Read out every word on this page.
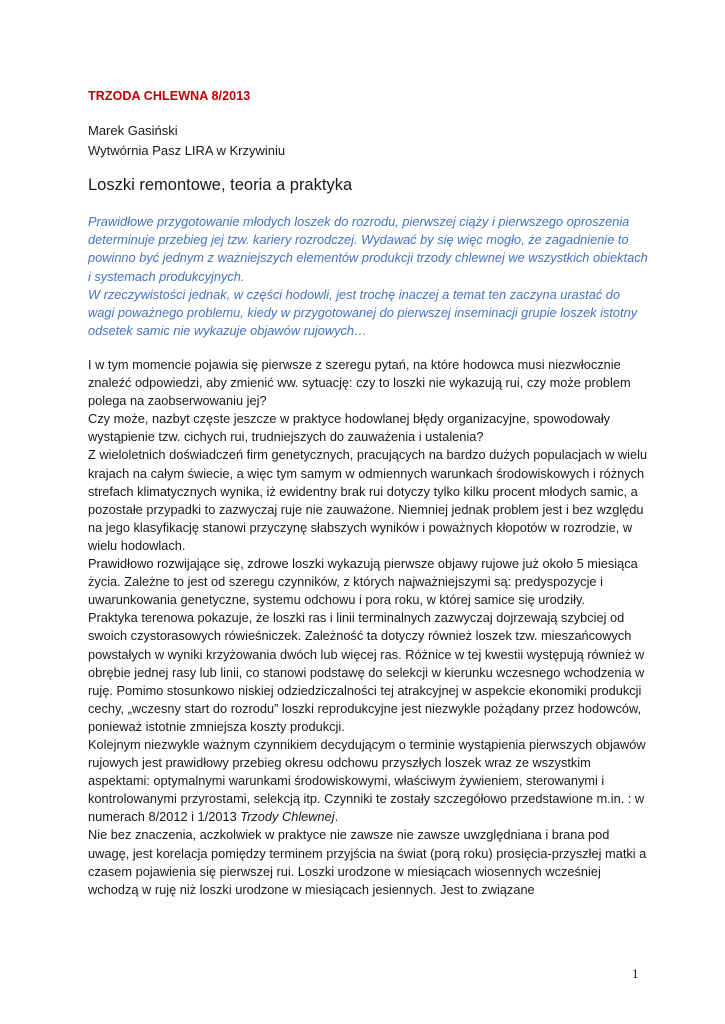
TRZODA CHLEWNA 8/2013
Marek Gasiński
Wytwórnia Pasz LIRA w Krzywiniu
Loszki remontowe, teoria a praktyka

Prawidłowe przygotowanie młodych loszek do rozrodu, pierwszej ciąży i pierwszego oproszenia determinuje przebieg jej tzw. kariery rozrodczej. Wydawać by się więc mogło, że zagadnienie to powinno być jednym z ważniejszych elementów produkcji trzody chlewnej we wszystkich obiektach i systemach produkcyjnych.

W rzeczywistości jednak, w części hodowli, jest trochę inaczej a temat ten zaczyna urastać do wagi poważnego problemu, kiedy w przygotowanej do pierwszej inseminacji grupie loszek istotny odsetek samic nie wykazuje objawów rujowych…

I w tym momencie pojawia się pierwsze z szeregu pytań, na które hodowca musi niezwłocznie znaleźć odpowiedzi, aby zmienić ww. sytuację: czy to loszki nie wykazują rui, czy może problem polega na zaobserwowaniu jej?

Czy może, nazbyt częste jeszcze w praktyce hodowlanej błędy organizacyjne, spowodowały wystąpienie tzw. cichych rui, trudniejszych do zauważenia i ustalenia?

Z wieloletnich doświadczeń firm genetycznych, pracujących na bardzo dużych populacjach w wielu krajach na całym świecie, a więc tym samym w odmiennych warunkach środowiskowych i różnych strefach klimatycznych wynika, iż ewidentny brak rui dotyczy tylko kilku procent młodych samic, a pozostałe przypadki to zazwyczaj ruje nie zauważone. Niemniej jednak problem jest i bez względu na jego klasyfikację stanowi przyczynę słabszych wyników i poważnych kłopotów w rozrodzie, w wielu hodowlach.

Prawidłowo rozwijające się, zdrowe loszki wykazują pierwsze objawy rujowe już około 5 miesiąca życia. Zależne to jest od szeregu czynników, z których najważniejszymi są: predyspozycje i uwarunkowania genetyczne, systemu odchowu i pora roku, w której samice się urodziły.

Praktyka terenowa pokazuje, że loszki ras i linii terminalnych zazwyczaj dojrzewają szybciej od swoich czystorasowych rówieśniczek. Zależność ta dotyczy również loszek tzw. mieszańcowych powstałych w wyniki krzyżowania dwóch lub więcej ras. Różnice w tej kwestii występują również w obrębie jednej rasy lub linii, co stanowi podstawę do selekcji w kierunku wczesnego wchodzenia w ruję. Pomimo stosunkowo niskiej odziedziczalności tej atrakcyjnej w aspekcie ekonomiki produkcji cechy, „wczesny start do rozrodu” loszki reprodukcyjne jest niezwykle pożądany przez hodowców, ponieważ istotnie zmniejsza koszty produkcji.

Kolejnym niezwykle ważnym czynnikiem decydującym o terminie wystąpienia pierwszych objawów rujowych jest prawidłowy przebieg okresu odchowu przyszłych loszek wraz ze wszystkim aspektami: optymalnymi warunkami środowiskowymi, właściwym żywieniem, sterowanymi i kontrolowanymi przyrostami, selekcją itp. Czynniki te zostały szczegółowo przedstawione m.in. : w numerach 8/2012 i 1/2013 Trzody Chlewnej.

Nie bez znaczenia, aczkolwiek w praktyce nie zawsze nie zawsze uwzględniana i brana pod uwagę, jest korelacja pomiędzy terminem przyjścia na świat (porą roku) prosięcia-przyszłej matki a czasem pojawienia się pierwszej rui. Loszki urodzone w miesiącach wiosennych wcześniej wchodzą w ruję niż loszki urodzone w miesiącach jesiennych. Jest to związane

1
